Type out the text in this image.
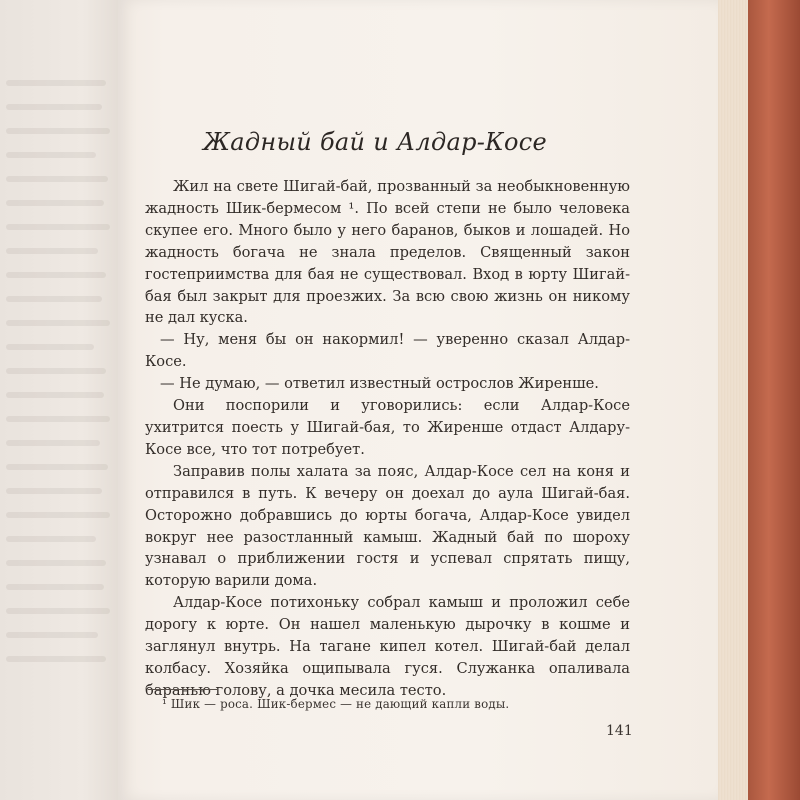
Жадный бай и Алдар-Косе

Жил на свете Шигай-бай, прозванный за необыкновенную жадность Шик-бермесом ¹. По всей степи не было человека скупее его. Много было у него баранов, быков и лошадей. Но жадность богача не знала пределов. Священный закон гостеприимства для бая не существовал. Вход в юрту Шигай-бая был закрыт для проезжих. За всю свою жизнь он никому не дал куска.

— Ну, меня бы он накормил! — уверенно сказал Алдар-Косе.

— Не думаю, — ответил известный острослов Жиренше.

Они поспорили и уговорились: если Алдар-Косе ухитрится поесть у Шигай-бая, то Жиренше отдаст Алдару-Косе все, что тот потребует.

Заправив полы халата за пояс, Алдар-Косе сел на коня и отправился в путь. К вечеру он доехал до аула Шигай-бая. Осторожно добравшись до юрты богача, Алдар-Косе увидел вокруг нее разостланный камыш. Жадный бай по шороху узнавал о приближении гостя и успевал спрятать пищу, которую варили дома.

Алдар-Косе потихоньку собрал камыш и проложил себе дорогу к юрте. Он нашел маленькую дырочку в кошме и заглянул внутрь. На тагане кипел котел. Шигай-бай делал колбасу. Хозяйка ощипывала гуся. Служанка опаливала баранью голову, а дочка месила тесто.

¹ Шик — роса. Шик-бермес — не дающий капли воды.
141
